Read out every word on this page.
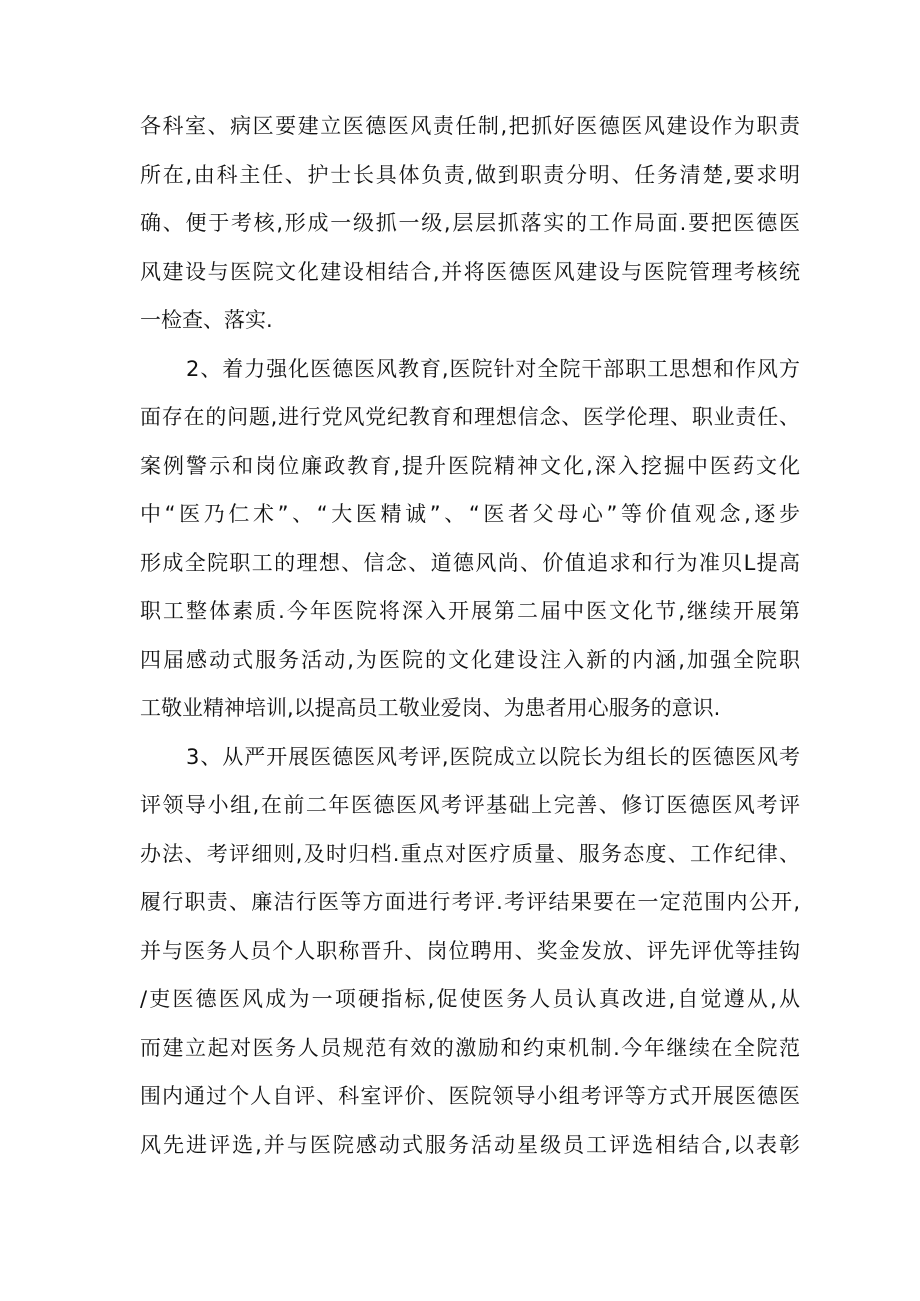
各科室、病区要建立医德医风责任制,把抓好医德医风建设作为职责
所在,由科主任、护士长具体负责,做到职责分明、任务清楚,要求明
确、便于考核,形成一级抓一级,层层抓落实的工作局面.要把医德医
风建设与医院文化建设相结合,并将医德医风建设与医院管理考核统
一检查、落实.
2、着力强化医德医风教育,医院针对全院干部职工思想和作风方
面存在的问题,进行党风党纪教育和理想信念、医学伦理、职业责任、
案例警示和岗位廉政教育,提升医院精神文化,深入挖掘中医药文化
中“医乃仁术”、“大医精诚”、“医者父母心”等价值观念,逐步
形成全院职工的理想、信念、道德风尚、价值追求和行为准贝L提高
职工整体素质.今年医院将深入开展第二届中医文化节,继续开展第
四届感动式服务活动,为医院的文化建设注入新的内涵,加强全院职
工敬业精神培训,以提高员工敬业爱岗、为患者用心服务的意识.
3、从严开展医德医风考评,医院成立以院长为组长的医德医风考
评领导小组,在前二年医德医风考评基础上完善、修订医德医风考评
办法、考评细则,及时归档.重点对医疗质量、服务态度、工作纪律、
履行职责、廉洁行医等方面进行考评.考评结果要在一定范围内公开,
并与医务人员个人职称晋升、岗位聘用、奖金发放、评先评优等挂钩
/吏医德医风成为一项硬指标,促使医务人员认真改进,自觉遵从,从
而建立起对医务人员规范有效的激励和约束机制.今年继续在全院范
围内通过个人自评、科室评价、医院领导小组考评等方式开展医德医
风先进评选,并与医院感动式服务活动星级员工评选相结合,以表彰
